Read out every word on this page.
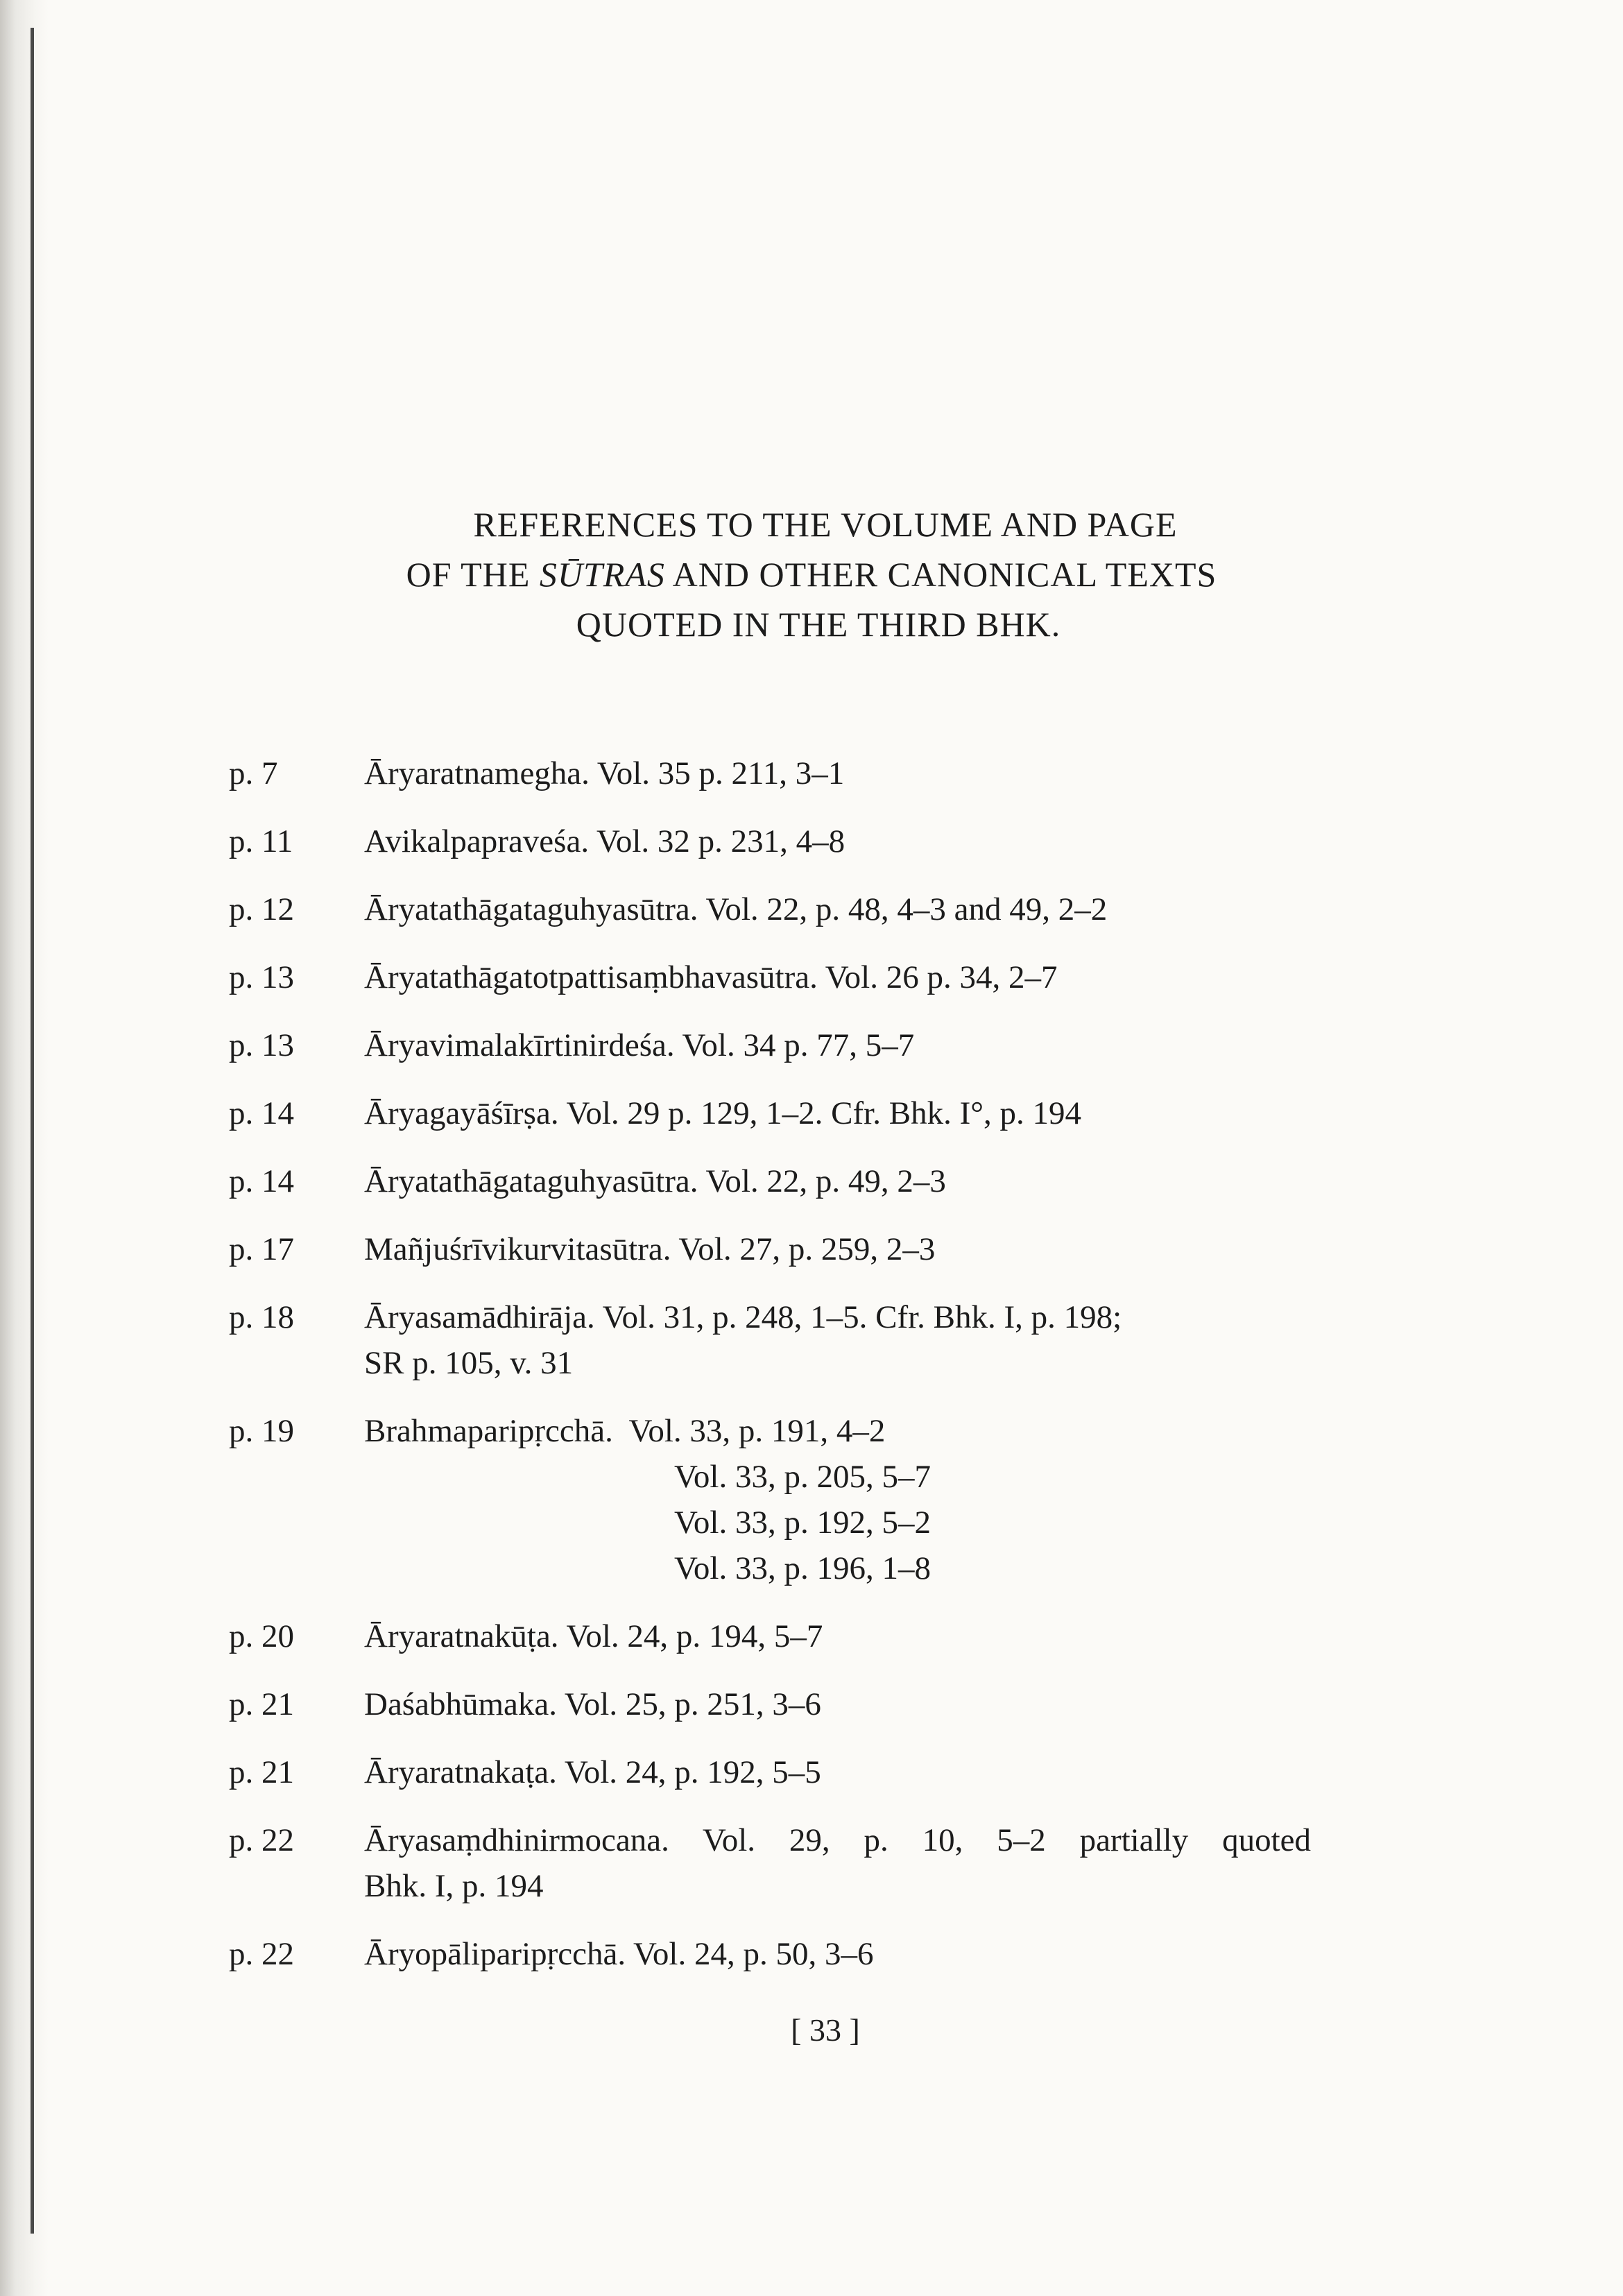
REFERENCES TO THE VOLUME AND PAGE
OF THE SŪTRAS AND OTHER CANONICAL TEXTS
QUOTED IN THE THIRD BHK.
p. 7	Āryaratnamegha. Vol. 35 p. 211, 3–1
p. 11	Avikalpapraveśa. Vol. 32 p. 231, 4–8
p. 12	Āryatathāgataguhyasūtra. Vol. 22, p. 48, 4–3 and 49, 2–2
p. 13	Āryatathāgatotpattisaṃbhavasūtra. Vol. 26 p. 34, 2–7
p. 13	Āryavimalakīrtinirdeśa. Vol. 34 p. 77, 5–7
p. 14	Āryagayāśīrṣa. Vol. 29 p. 129, 1–2. Cfr. Bhk. I°, p. 194
p. 14	Āryatathāgataguhyasūtra. Vol. 22, p. 49, 2–3
p. 17	Mañjuśrīvikurvitasūtra. Vol. 27, p. 259, 2–3
p. 18	Āryasamādhirāja. Vol. 31, p. 248, 1–5. Cfr. Bhk. I, p. 198;
SR p. 105, v. 31
p. 19	Brahmaparipṛcchā.  Vol. 33, p. 191, 4–2
Vol. 33, p. 205, 5–7
Vol. 33, p. 192, 5–2
Vol. 33, p. 196, 1–8
p. 20	Āryaratnakūṭa. Vol. 24, p. 194, 5–7
p. 21	Daśabhūmaka. Vol. 25, p. 251, 3–6
p. 21	Āryaratnakaṭa. Vol. 24, p. 192, 5–5
p. 22	Āryasaṃdhinirmocana. Vol. 29, p. 10, 5–2 partially quoted
Bhk. I, p. 194
p. 22	Āryopāliparipṛcchā. Vol. 24, p. 50, 3–6
[ 33 ]
